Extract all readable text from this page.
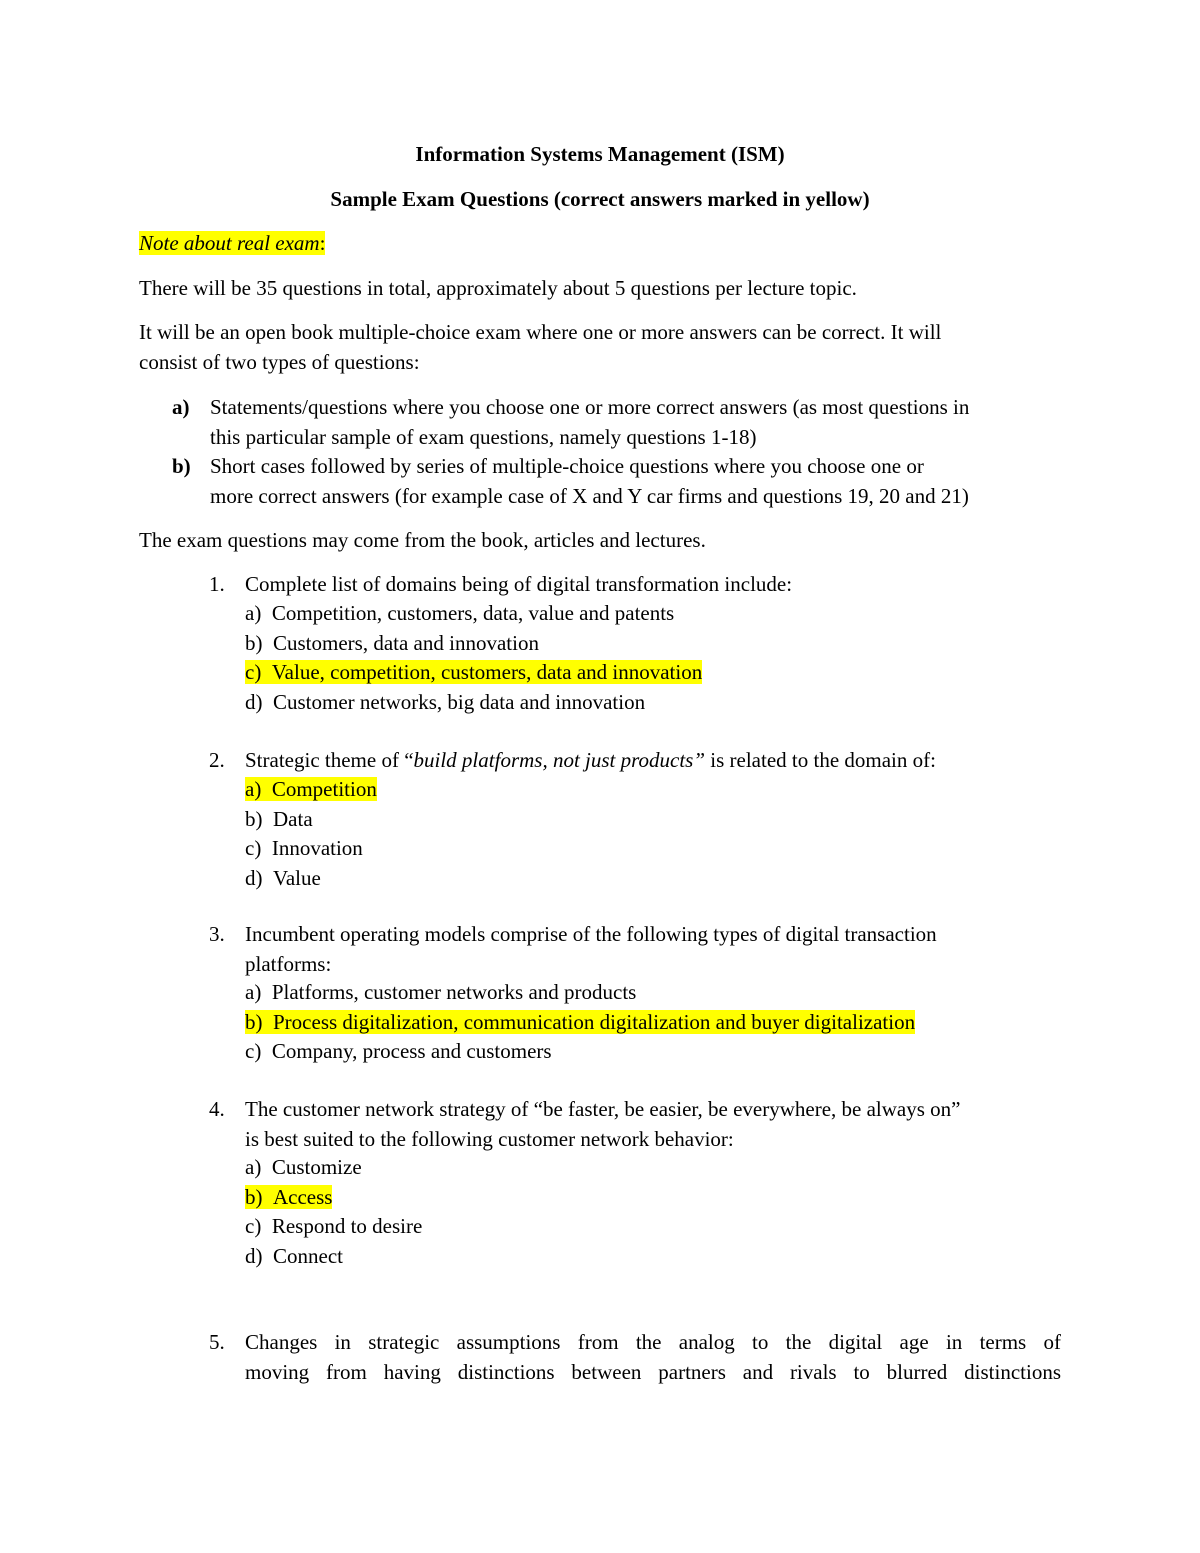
Information Systems Management (ISM)
Sample Exam Questions (correct answers marked in yellow)
Note about real exam:
There will be 35 questions in total, approximately about 5 questions per lecture topic.
It will be an open book multiple-choice exam where one or more answers can be correct. It will
consist of two types of questions:
a) Statements/questions where you choose one or more correct answers (as most questions in
this particular sample of exam questions, namely questions 1-18)
b) Short cases followed by series of multiple-choice questions where you choose one or
more correct answers (for example case of X and Y car firms and questions 19, 20 and 21)
The exam questions may come from the book, articles and lectures.
1. Complete list of domains being of digital transformation include:
a) Competition, customers, data, value and patents
b) Customers, data and innovation
c) Value, competition, customers, data and innovation
d) Customer networks, big data and innovation
2. Strategic theme of “build platforms, not just products” is related to the domain of:
a) Competition
b) Data
c) Innovation
d) Value
3. Incumbent operating models comprise of the following types of digital transaction
platforms:
a) Platforms, customer networks and products
b) Process digitalization, communication digitalization and buyer digitalization
c) Company, process and customers
4. The customer network strategy of “be faster, be easier, be everywhere, be always on”
is best suited to the following customer network behavior:
a) Customize
b) Access
c) Respond to desire
d) Connect
5. Changes in strategic assumptions from the analog to the digital age in terms of
moving from having distinctions between partners and rivals to blurred distinctions
